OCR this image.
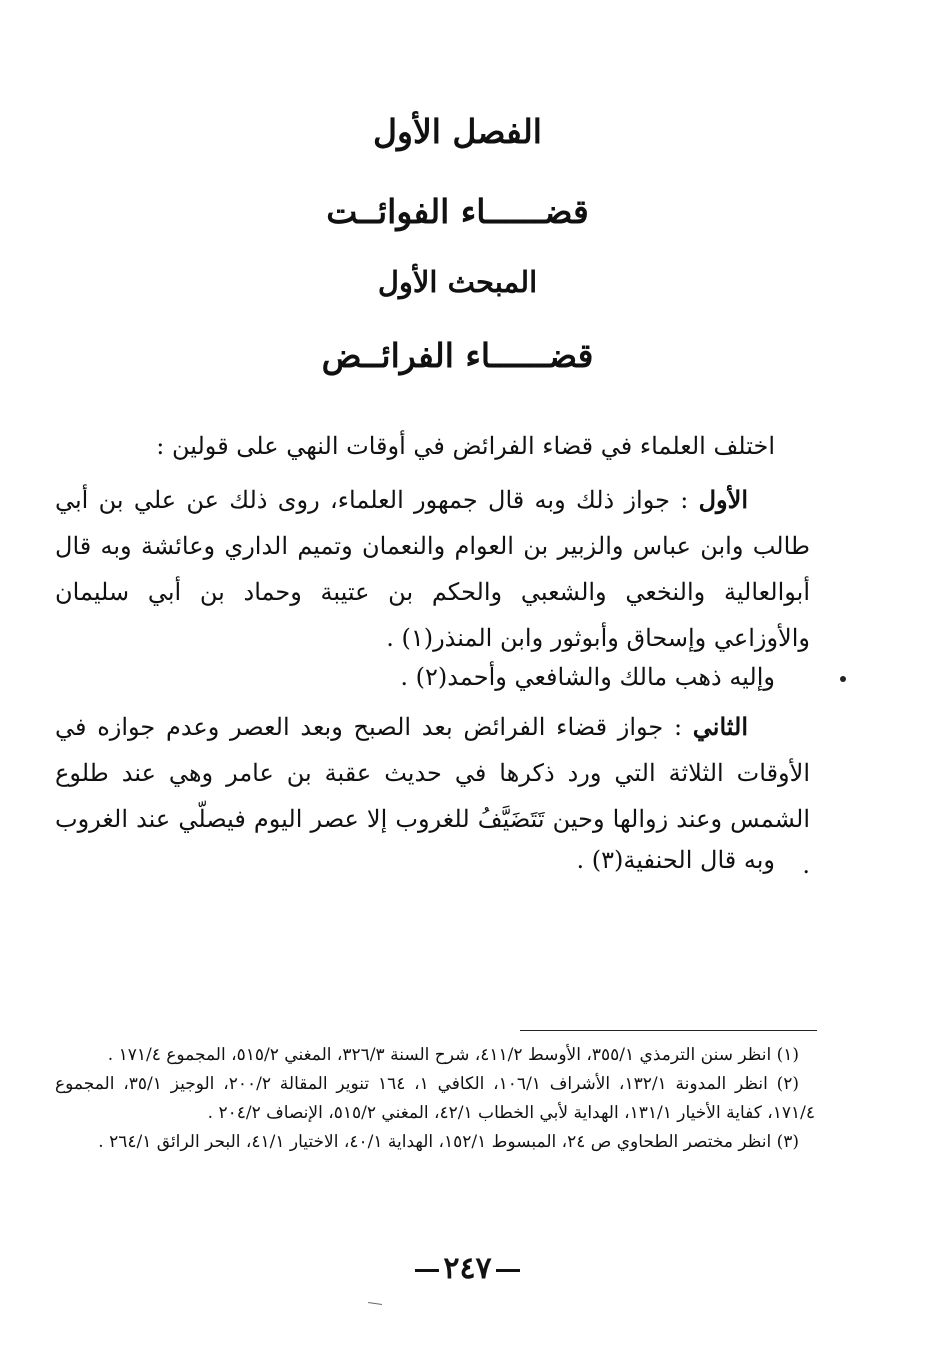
الفصل الأول
قضــــــاء الفوائــت
المبحث الأول
قضــــــاء الفرائــض
اختلف العلماء في قضاء الفرائض في أوقات النهي على قولين :
الأول : جواز ذلك وبه قال جمهور العلماء، روى ذلك عن علي بن أبي طالب وابن عباس والزبير بن العوام والنعمان وتميم الداري وعائشة وبه قال أبوالعالية والنخعي والشعبي والحكم بن عتيبة وحماد بن أبي سليمان والأوزاعي وإسحاق وأبوثور وابن المنذر(١) .
وإليه ذهب مالك والشافعي وأحمد(٢) .
الثاني : جواز قضاء الفرائض بعد الصبح وبعد العصر وعدم جوازه في الأوقات الثلاثة التي ورد ذكرها في حديث عقبة بن عامر وهي عند طلوع الشمس وعند زوالها وحين تَتَضَيَّفُ للغروب إلا عصر اليوم فيصلّي عند الغروب .
وبه قال الحنفية(٣) .

(١) انظر سنن الترمذي ٣٥٥/١، الأوسط ٤١١/٢، شرح السنة ٣٢٦/٣، المغني ٥١٥/٢، المجموع ١٧١/٤ .

(٢) انظر المدونة ١٣٢/١، الأشراف ١٠٦/١، الكافي ١، ١٦٤ تنوير المقالة ٢٠٠/٢، الوجيز ٣٥/١، المجموع ١٧١/٤، كفاية الأخيار ١٣١/١، الهداية لأبي الخطاب ٤٢/١، المغني ٥١٥/٢، الإنصاف ٢٠٤/٢ .

(٣) انظر مختصر الطحاوي ص ٢٤، المبسوط ١٥٢/١، الهداية ٤٠/١، الاختيار ٤١/١، البحر الرائق ٢٦٤/١ .

٢٤٧
